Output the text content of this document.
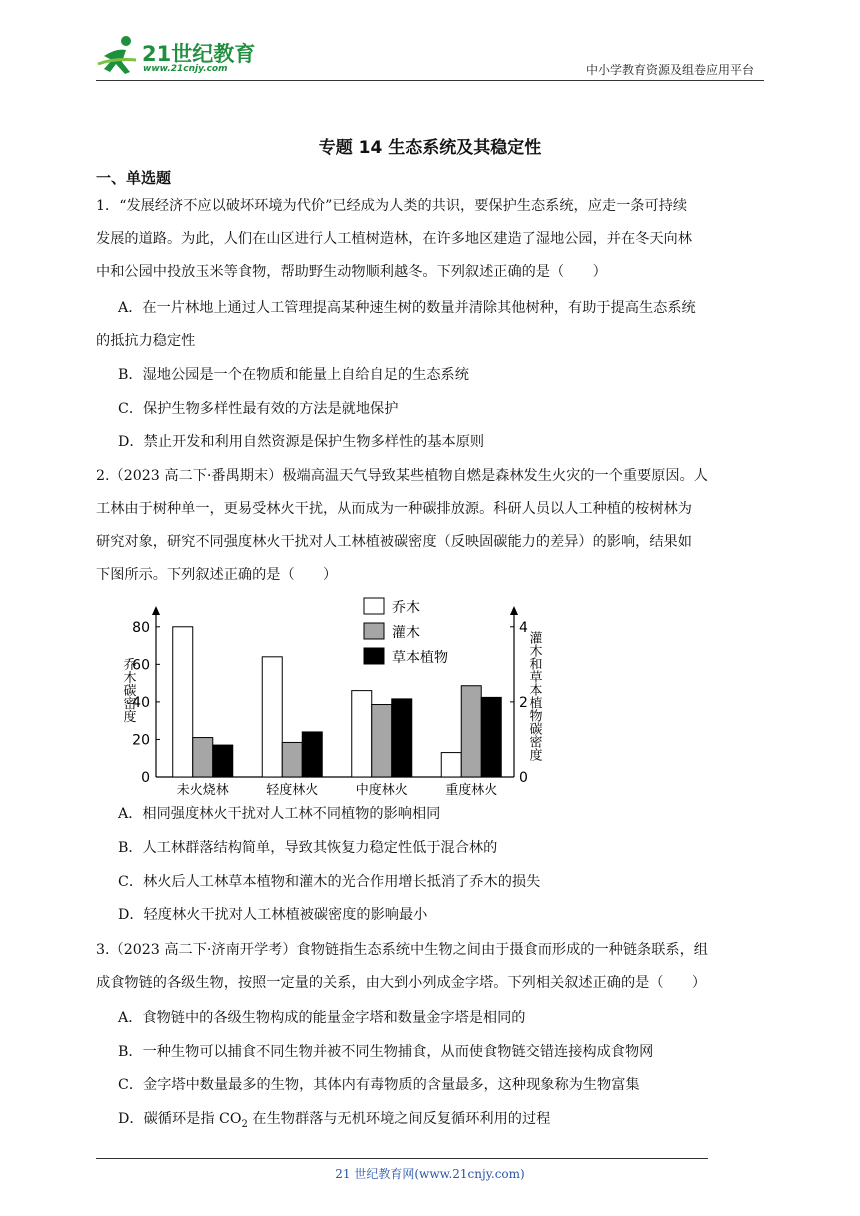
21世纪教育
www.21cnjy.com	中小学教育资源及组卷应用平台
专题 14 生态系统及其稳定性
一、单选题

1．“发展经济不应以破坏环境为代价”已经成为人类的共识，要保护生态系统，应走一条可持续

发展的道路。为此，人们在山区进行人工植树造林，在许多地区建造了湿地公园，并在冬天向林

中和公园中投放玉米等食物，帮助野生动物顺利越冬。下列叙述正确的是（　　）

A．在一片林地上通过人工管理提高某种速生树的数量并清除其他树种，有助于提高生态系统

的抵抗力稳定性

B．湿地公园是一个在物质和能量上自给自足的生态系统

C．保护生物多样性最有效的方法是就地保护

D．禁止开发和利用自然资源是保护生物多样性的基本原则

2.（2023 高二下·番禺期末）极端高温天气导致某些植物自燃是森林发生火灾的一个重要原因。人

工林由于树种单一，更易受林火干扰，从而成为一种碳排放源。科研人员以人工种植的桉树林为

研究对象，研究不同强度林火干扰对人工林植被碳密度（反映固碳能力的差异）的影响，结果如

下图所示。下列叙述正确的是（　　）

0
20
40
60
80
0
2
4
乔木碳密度	灌木和草本植物碳密度
未火烧林	轻度林火	中度林火	重度林火
乔木
灌木
草本植物

A．相同强度林火干扰对人工林不同植物的影响相同

B．人工林群落结构简单，导致其恢复力稳定性低于混合林的

C．林火后人工林草本植物和灌木的光合作用增长抵消了乔木的损失

D．轻度林火干扰对人工林植被碳密度的影响最小

3.（2023 高二下·济南开学考）食物链指生态系统中生物之间由于摄食而形成的一种链条联系，组

成食物链的各级生物，按照一定量的关系，由大到小列成金字塔。下列相关叙述正确的是（　　）

A．食物链中的各级生物构成的能量金字塔和数量金字塔是相同的

B．一种生物可以捕食不同生物并被不同生物捕食，从而使食物链交错连接构成食物网

C．金字塔中数量最多的生物，其体内有毒物质的含量最多，这种现象称为生物富集

D．碳循环是指 $CO_2$ 在生物群落与无机环境之间反复循环利用的过程

21 世纪教育网(www.21cnjy.com)
